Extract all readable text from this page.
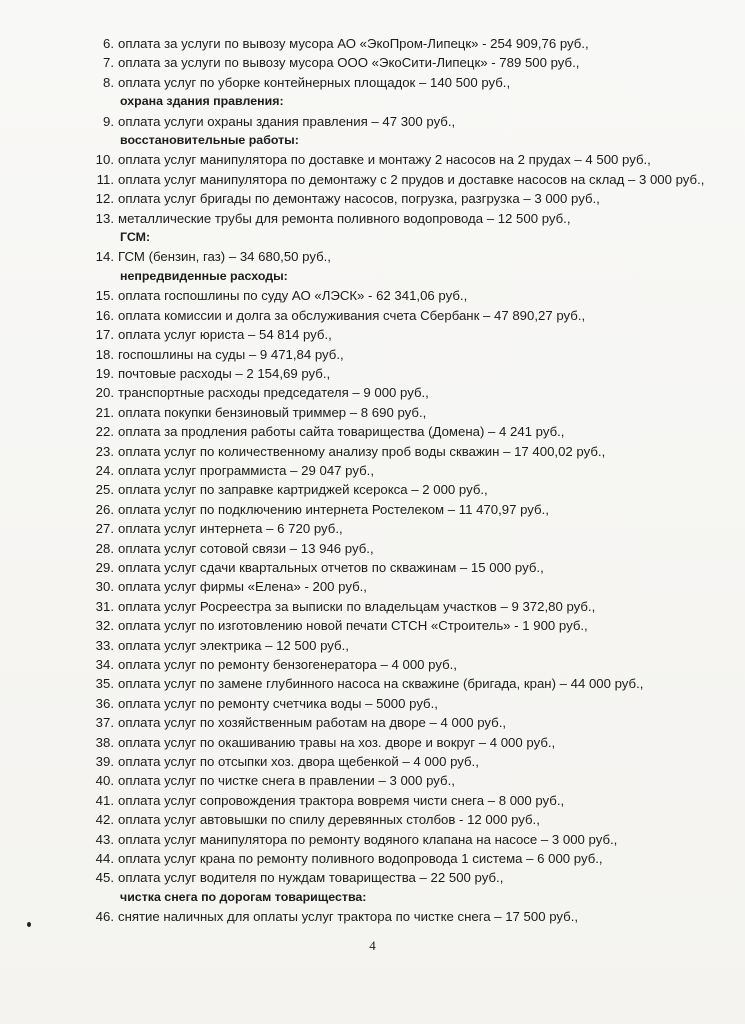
6. оплата за услуги по вывозу мусора АО «ЭкоПром-Липецк» - 254 909,76 руб.,
7. оплата за услуги по вывозу мусора ООО «ЭкоСити-Липецк» - 789 500 руб.,
8. оплата услуг по уборке контейнерных площадок – 140 500 руб.,
охрана здания правления:
9. оплата услуги охраны здания правления – 47 300 руб.,
восстановительные работы:
10. оплата услуг манипулятора по доставке и монтажу 2 насосов на 2 прудах – 4 500 руб.,
11. оплата услуг манипулятора по демонтажу с 2 прудов и доставке насосов на склад – 3 000 руб.,
12. оплата услуг бригады по демонтажу насосов, погрузка, разгрузка – 3 000 руб.,
13. металлические трубы для ремонта поливного водопровода – 12 500 руб.,
ГСМ:
14. ГСМ (бензин, газ) – 34 680,50 руб.,
непредвиденные расходы:
15. оплата госпошлины по суду АО «ЛЭСК» - 62 341,06 руб.,
16. оплата комиссии и долга за обслуживания счета Сбербанк – 47 890,27 руб.,
17. оплата услуг юриста – 54 814 руб.,
18. госпошлины на суды – 9 471,84 руб.,
19. почтовые расходы – 2 154,69 руб.,
20. транспортные расходы председателя – 9 000 руб.,
21. оплата покупки бензиновый триммер – 8 690 руб.,
22. оплата за продления работы сайта товарищества (Домена) – 4 241 руб.,
23. оплата услуг по количественному анализу проб воды скважин – 17 400,02 руб.,
24. оплата услуг программиста – 29 047 руб.,
25. оплата услуг по заправке картриджей ксерокса – 2 000 руб.,
26. оплата услуг по подключению интернета Ростелеком – 11 470,97 руб.,
27. оплата услуг интернета – 6 720 руб.,
28. оплата услуг сотовой связи – 13 946 руб.,
29. оплата услуг сдачи квартальных отчетов по скважинам – 15 000 руб.,
30. оплата услуг фирмы «Елена» - 200 руб.,
31. оплата услуг Росреестра за выписки по владельцам участков – 9 372,80 руб.,
32. оплата услуг по изготовлению новой печати СТСН «Строитель» - 1 900 руб.,
33. оплата услуг электрика – 12 500 руб.,
34. оплата услуг по ремонту бензогенератора – 4 000 руб.,
35. оплата услуг по замене глубинного насоса на скважине (бригада, кран) – 44 000 руб.,
36. оплата услуг по ремонту счетчика воды – 5000 руб.,
37. оплата услуг по хозяйственным работам на дворе – 4 000 руб.,
38. оплата услуг по окашиванию травы на хоз. дворе и вокруг – 4 000 руб.,
39. оплата услуг по отсыпки хоз. двора щебенкой – 4 000 руб.,
40. оплата услуг по чистке снега в правлении – 3 000 руб.,
41. оплата услуг сопровождения трактора вовремя чисти снега – 8 000 руб.,
42. оплата услуг автовышки по спилу деревянных столбов - 12 000 руб.,
43. оплата услуг манипулятора по ремонту водяного клапана на насосе – 3 000 руб.,
44. оплата услуг крана по ремонту поливного водопровода 1 система – 6 000 руб.,
45. оплата услуг водителя по нуждам товарищества – 22 500 руб.,
чистка снега по дорогам товарищества:
46. снятие наличных для оплаты услуг трактора по чистке снега – 17 500 руб.,
4
